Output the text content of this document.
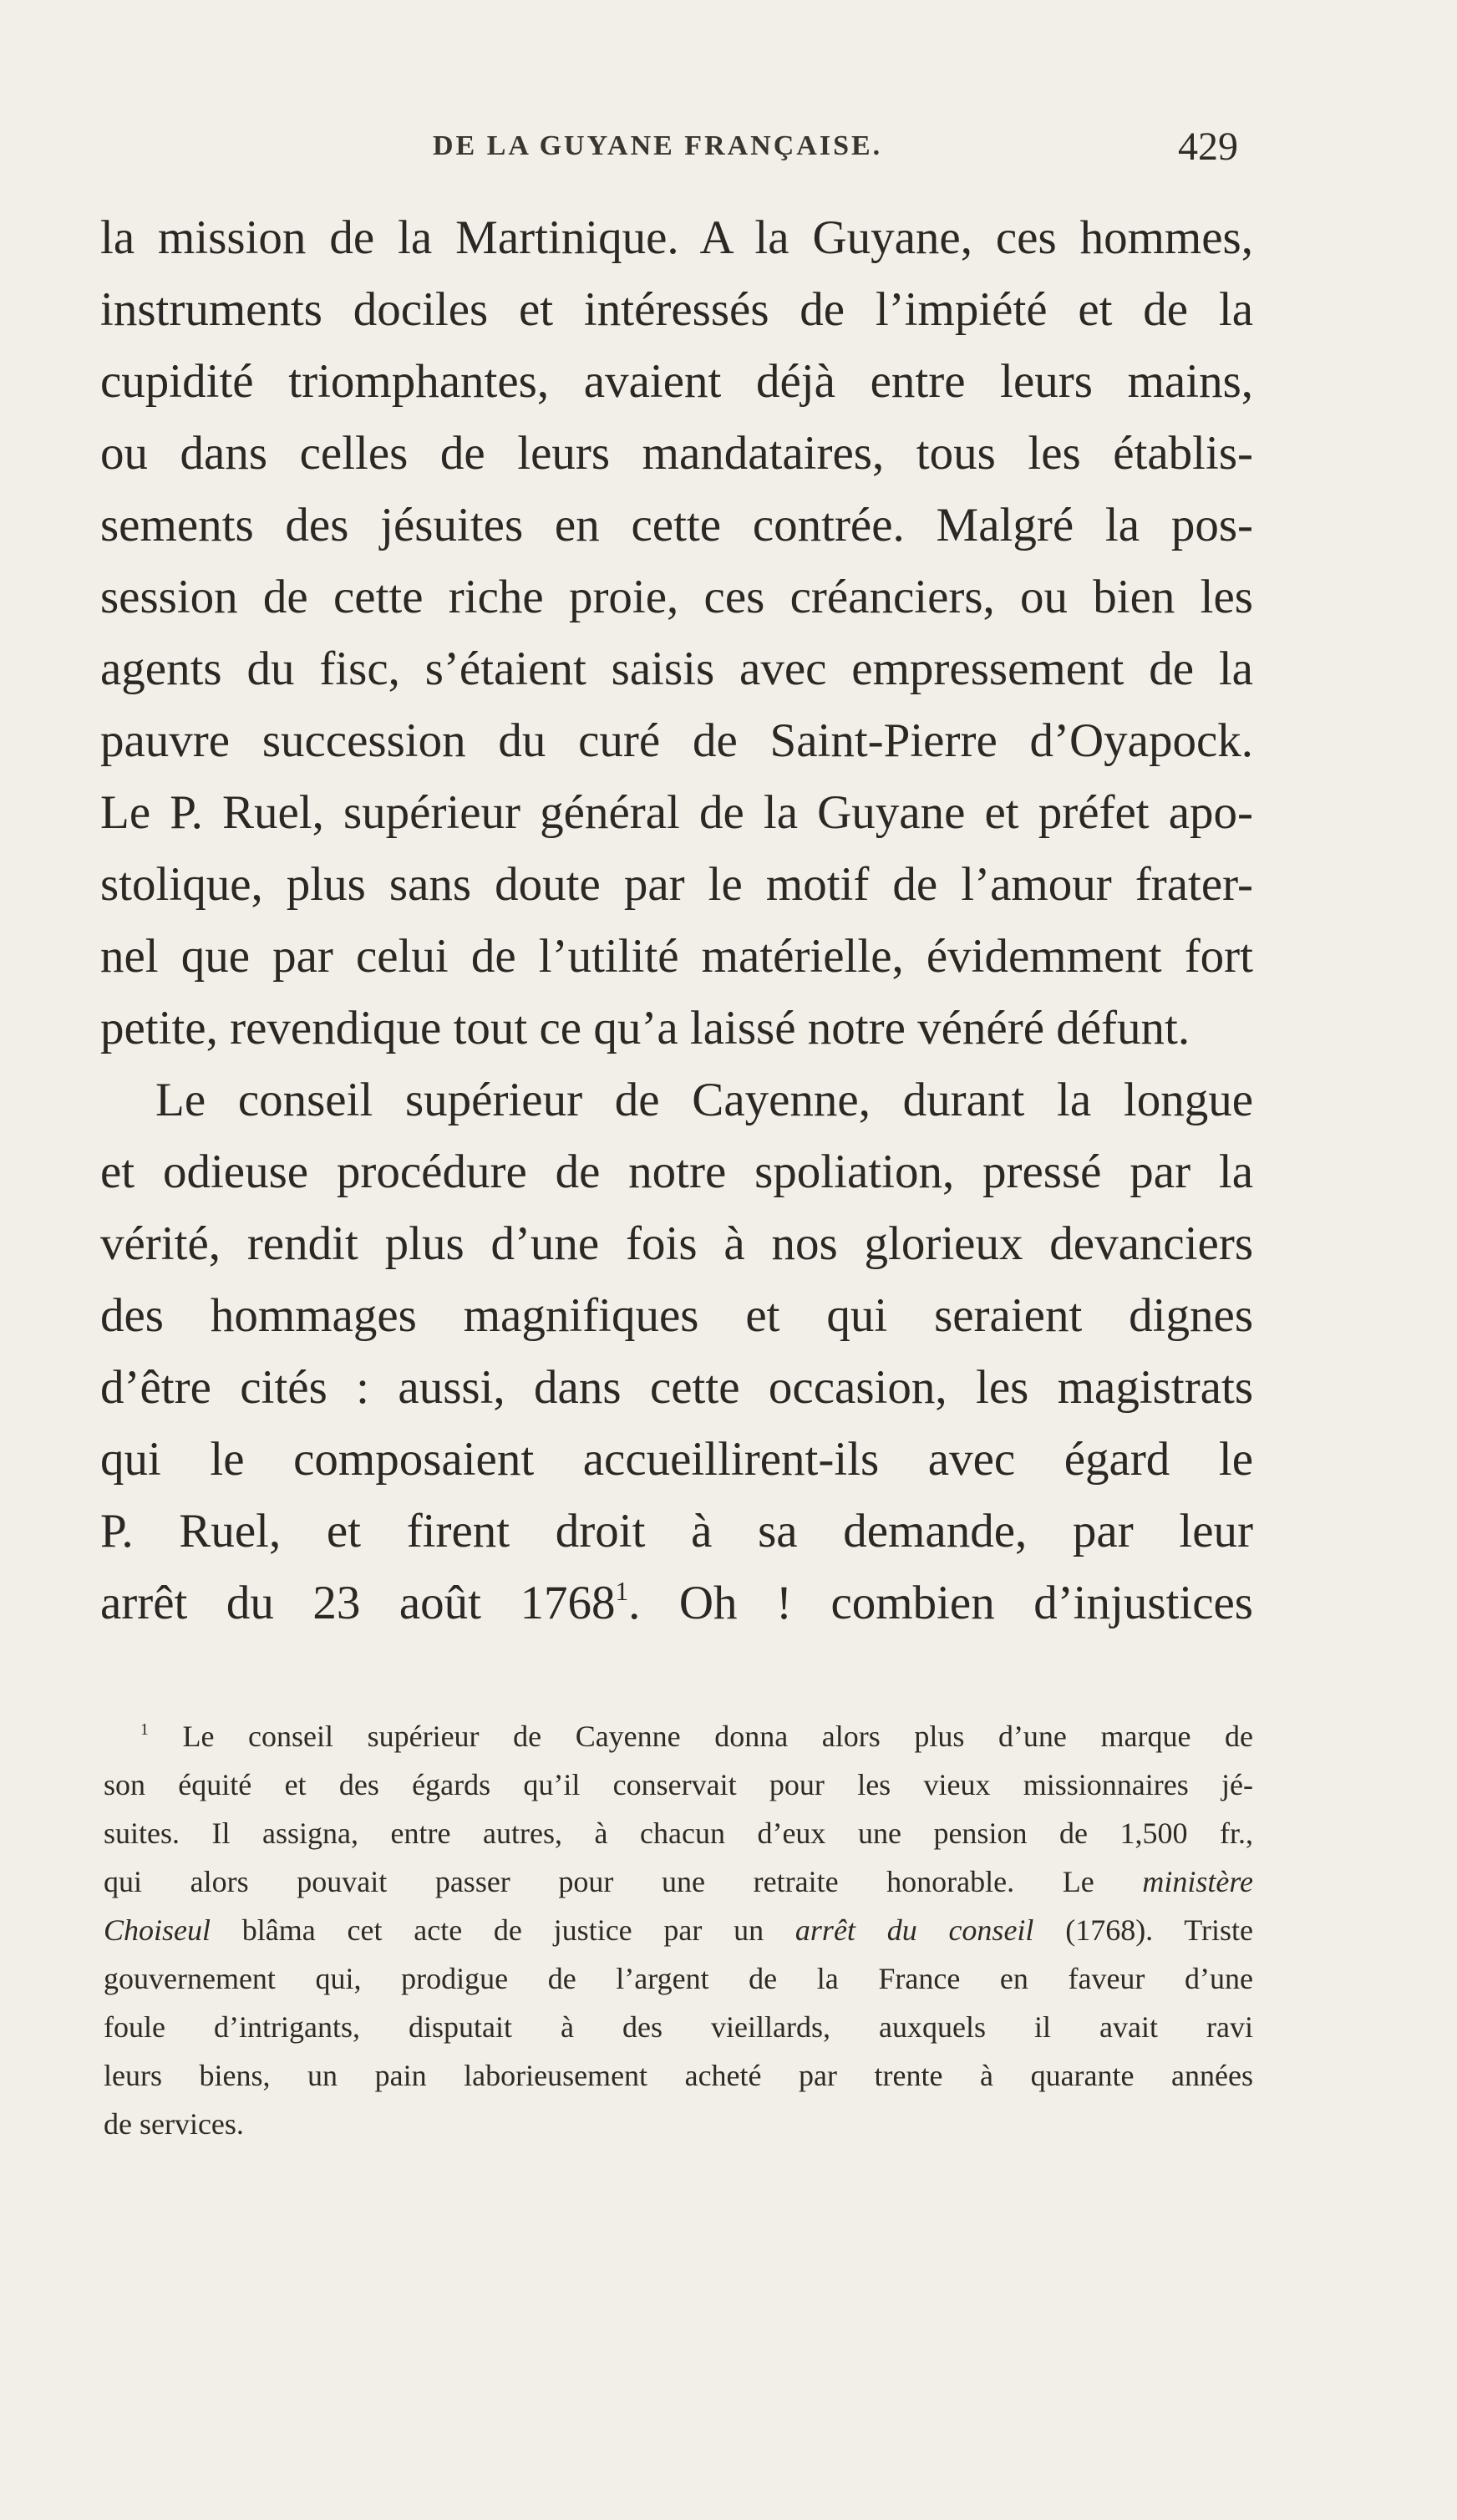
DE LA GUYANE FRANÇAISE.	429
la mission de la Martinique. A la Guyane, ces hommes,
instruments dociles et intéressés de l’impiété et de la
cupidité triomphantes, avaient déjà entre leurs mains,
ou dans celles de leurs mandataires, tous les établis-
sements des jésuites en cette contrée. Malgré la pos-
session de cette riche proie, ces créanciers, ou bien les
agents du fisc, s’étaient saisis avec empressement de la
pauvre succession du curé de Saint-Pierre d’Oyapock.
Le P. Ruel, supérieur général de la Guyane et préfet apo-
stolique, plus sans doute par le motif de l’amour frater-
nel que par celui de l’utilité matérielle, évidemment fort
petite, revendique tout ce qu’a laissé notre vénéré défunt.
Le conseil supérieur de Cayenne, durant la longue
et odieuse procédure de notre spoliation, pressé par la
vérité, rendit plus d’une fois à nos glorieux devanciers
des hommages magnifiques et qui seraient dignes
d’être cités : aussi, dans cette occasion, les magistrats
qui le composaient accueillirent-ils avec égard le
P. Ruel, et firent droit à sa demande, par leur
arrêt du 23 août 1768$^1$. Oh ! combien d’injustices
$^1$ Le conseil supérieur de Cayenne donna alors plus d’une marque de
son équité et des égards qu’il conservait pour les vieux missionnaires jé-
suites. Il assigna, entre autres, à chacun d’eux une pension de 1,500 fr.,
qui alors pouvait passer pour une retraite honorable. Le ministère
Choiseul blâma cet acte de justice par un arrêt du conseil (1768). Triste
gouvernement qui, prodigue de l’argent de la France en faveur d’une
foule d’intrigants, disputait à des vieillards, auxquels il avait ravi
leurs biens, un pain laborieusement acheté par trente à quarante années
de services.
